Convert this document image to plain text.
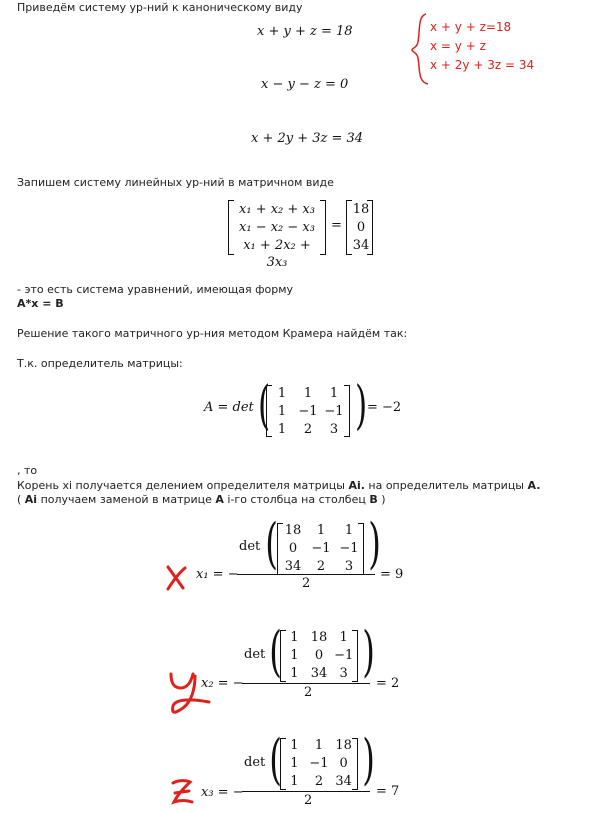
Приведём систему ур-ний к каноническому виду
x + y + z = 18
x − y − z = 0
x + 2y + 3z = 34
x + y + z=18
x = y + z
x + 2y + 3z = 34
Запишем систему линейных ур-ний в матричном виде
x₁ + x₂ + x₃
x₁ − x₂ − x₃
x₁ + 2x₂ + 3x₃
=
18
0
34
- это есть система уравнений, имеющая форму
A*x = B
Решение такого матричного ур-ния методом Крамера найдём так:
Т.к. определитель матрицы:
A = det ( 1	1	1
1 −1 −1
1	2	3 ) = −2
, то
Корень xi получается делением определителя матрицы Ai. на определитель матрицы A.
( Ai получаем заменой в матрице A i-го столбца на столбец B )
x₁ = −
det ( 18	1	1
0	−1 −1
34	2	3 )
2
= 9
x₂ = −
det ( 1 18 1
1	0 −1
1 34 3 )
2
= 2
x₃ = −
det ( 1	1 18
1 −1 0
1	2 34 )
2
= 7
